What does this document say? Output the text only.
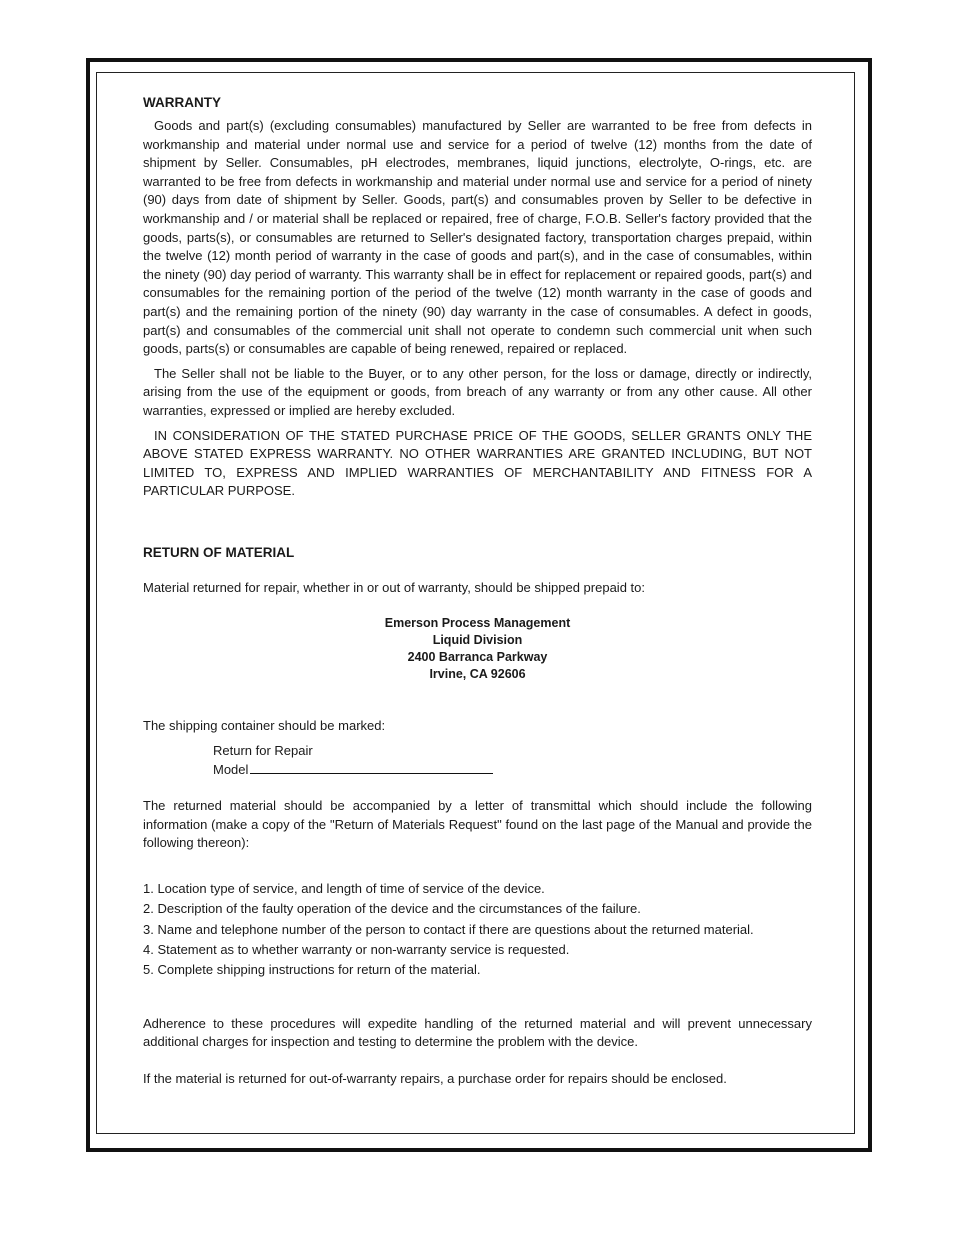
WARRANTY

Goods and part(s) (excluding consumables) manufactured by Seller are warranted to be free from defects in workmanship and material under normal use and service for a period of twelve (12) months from the date of shipment by Seller. Consumables, pH electrodes, membranes, liquid junctions, electrolyte, O-rings, etc. are warranted to be free from defects in workmanship and material under normal use and service for a period of ninety (90) days from date of shipment by Seller. Goods, part(s) and consumables proven by Seller to be defective in workmanship and / or material shall be replaced or repaired, free of charge, F.O.B. Seller's factory provided that the goods, parts(s), or consumables are returned to Seller's designated factory, transportation charges prepaid, within the twelve (12) month period of warranty in the case of goods and part(s), and in the case of consumables, within the ninety (90) day period of warranty. This warranty shall be in effect for replacement or repaired goods, part(s) and consumables for the remaining portion of the period of the twelve (12) month warranty in the case of goods and part(s) and the remaining portion of the ninety (90) day warranty in the case of consumables. A defect in goods, part(s) and consumables of the commercial unit shall not operate to condemn such commercial unit when such goods, parts(s) or consumables are capable of being renewed, repaired or replaced.

The Seller shall not be liable to the Buyer, or to any other person, for the loss or damage, directly or indirectly, arising from the use of the equipment or goods, from breach of any warranty or from any other cause. All other warranties, expressed or implied are hereby excluded.

IN CONSIDERATION OF THE STATED PURCHASE PRICE OF THE GOODS, SELLER GRANTS ONLY THE ABOVE STATED EXPRESS WARRANTY. NO OTHER WARRANTIES ARE GRANTED INCLUDING, BUT NOT LIMITED TO, EXPRESS AND IMPLIED WARRANTIES OF MERCHANTABILITY AND FITNESS FOR A PARTICULAR PURPOSE.

RETURN OF MATERIAL

Material returned for repair, whether in or out of warranty, should be shipped prepaid to:

Emerson Process Management
Liquid Division
2400 Barranca Parkway
Irvine, CA 92606

The shipping container should be marked:

Return for Repair
Model

The returned material should be accompanied by a letter of transmittal which should include the following information (make a copy of the "Return of Materials Request" found on the last page of the Manual and provide the following thereon):

1. Location type of service, and length of time of service of the device.
2. Description of the faulty operation of the device and the circumstances of the failure.
3. Name and telephone number of the person to contact if there are questions about the returned material.
4. Statement as to whether warranty or non-warranty service is requested.
5. Complete shipping instructions for return of the material.

Adherence to these procedures will expedite handling of the returned material and will prevent unnecessary additional charges for inspection and testing to determine the problem with the device.

If the material is returned for out-of-warranty repairs, a purchase order for repairs should be enclosed.
